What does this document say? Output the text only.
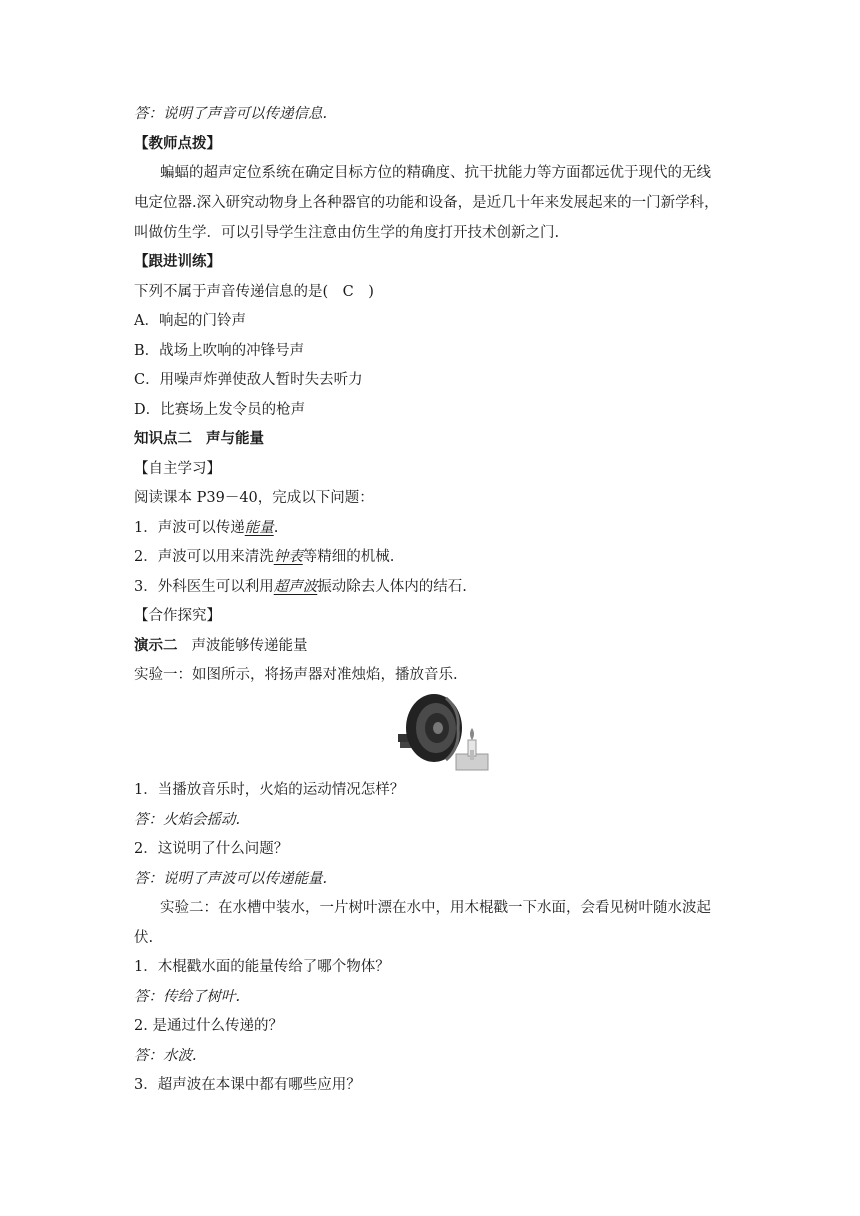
答：说明了声音可以传递信息.
【教师点拨】
蝙蝠的超声定位系统在确定目标方位的精确度、抗干扰能力等方面都远优于现代的无线
电定位器.深入研究动物身上各种器官的功能和设备，是近几十年来发展起来的一门新学科，
叫做仿生学．可以引导学生注意由仿生学的角度打开技术创新之门.
【跟进训练】
下列不属于声音传递信息的是(　C　)
A．响起的门铃声
B．战场上吹响的冲锋号声
C．用噪声炸弹使敌人暂时失去听力
D．比赛场上发令员的枪声
知识点二 声与能量
【自主学习】
阅读课本 P39－40，完成以下问题：
1．声波可以传递能量.
2．声波可以用来清洗钟表等精细的机械.
3．外科医生可以利用超声波振动除去人体内的结石.
【合作探究】
演示二 声波能够传递能量
实验一：如图所示，将扬声器对准烛焰，播放音乐.
1．当播放音乐时，火焰的运动情况怎样？
答：火焰会摇动.
2．这说明了什么问题？
答：说明了声波可以传递能量.
实验二：在水槽中装水，一片树叶漂在水中，用木棍戳一下水面，会看见树叶随水波起
伏.
1．木棍戳水面的能量传给了哪个物体？
答：传给了树叶.
2. 是通过什么传递的？
答：水波.
3．超声波在本课中都有哪些应用？
